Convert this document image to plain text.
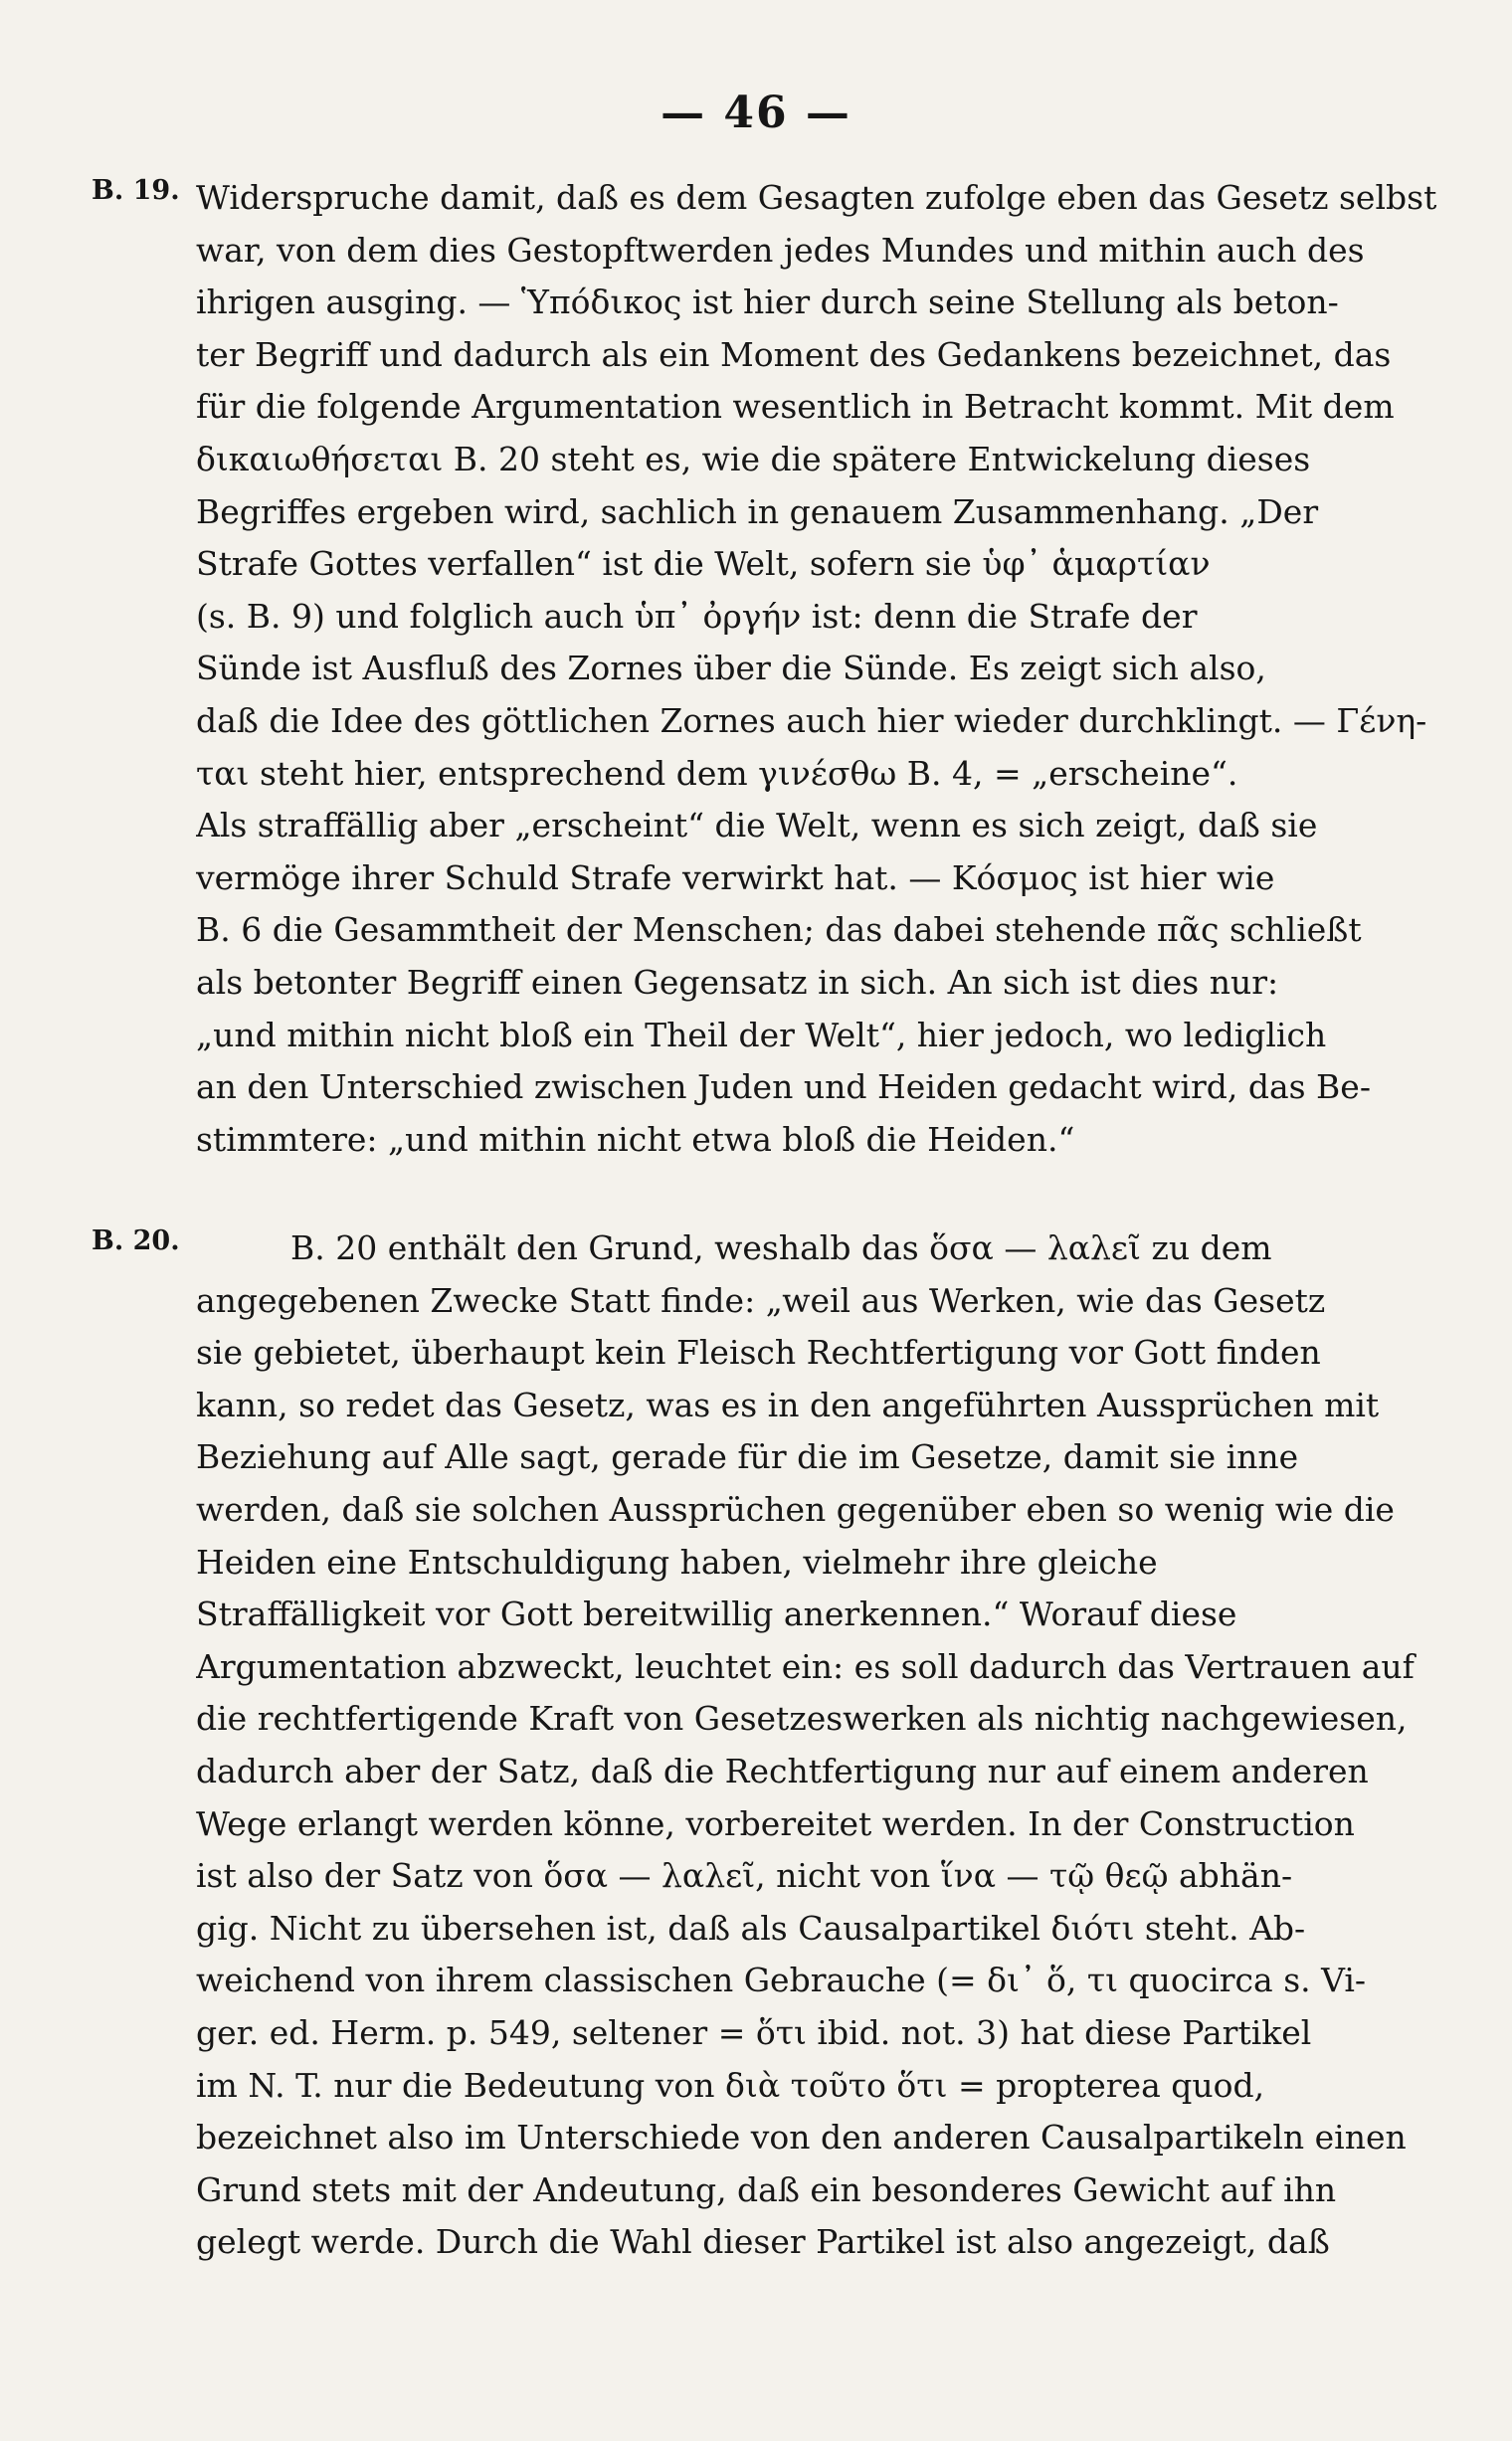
— 46 —
B. 19. Widerspruche damit, daß es dem Gesagten zufolge eben das Gesetz selbst
war, von dem dies Gestopftwerden jedes Mundes und mithin auch des
ihrigen ausging. — Ὑπόδικος ist hier durch seine Stellung als beton-
ter Begriff und dadurch als ein Moment des Gedankens bezeichnet, das
für die folgende Argumentation wesentlich in Betracht kommt. Mit dem
δικαιωθήσεται B. 20 steht es, wie die spätere Entwickelung dieses
Begriffes ergeben wird, sachlich in genauem Zusammenhang. „Der
Strafe Gottes verfallen“ ist die Welt, sofern sie ὑφ᾽ ἁμαρτίαν
(s. B. 9) und folglich auch ὑπ᾽ ὀργήν ist: denn die Strafe der
Sünde ist Ausfluß des Zornes über die Sünde. Es zeigt sich also,
daß die Idee des göttlichen Zornes auch hier wieder durchklingt. — Γένη-
ται steht hier, entsprechend dem γινέσθω B. 4, = „erscheine“.
Als straffällig aber „erscheint“ die Welt, wenn es sich zeigt, daß sie
vermöge ihrer Schuld Strafe verwirkt hat. — Κόσμος ist hier wie
B. 6 die Gesammtheit der Menschen; das dabei stehende πᾶς schließt
als betonter Begriff einen Gegensatz in sich. An sich ist dies nur:
„und mithin nicht bloß ein Theil der Welt“, hier jedoch, wo lediglich
an den Unterschied zwischen Juden und Heiden gedacht wird, das Be-
stimmtere: „und mithin nicht etwa bloß die Heiden.“
B. 20.	B. 20 enthält den Grund, weshalb das ὅσα — λαλεῖ zu dem
angegebenen Zwecke Statt finde: „weil aus Werken, wie das Gesetz
sie gebietet, überhaupt kein Fleisch Rechtfertigung vor Gott finden
kann, so redet das Gesetz, was es in den angeführten Aussprüchen mit
Beziehung auf Alle sagt, gerade für die im Gesetze, damit sie inne
werden, daß sie solchen Aussprüchen gegenüber eben so wenig wie die
Heiden eine Entschuldigung haben, vielmehr ihre gleiche
Straffälligkeit vor Gott bereitwillig anerkennen.“ Worauf diese
Argumentation abzweckt, leuchtet ein: es soll dadurch das Vertrauen auf
die rechtfertigende Kraft von Gesetzeswerken als nichtig nachgewiesen,
dadurch aber der Satz, daß die Rechtfertigung nur auf einem anderen
Wege erlangt werden könne, vorbereitet werden. In der Construction
ist also der Satz von ὅσα — λαλεῖ, nicht von ἵνα — τῷ θεῷ abhän-
gig. Nicht zu übersehen ist, daß als Causalpartikel διότι steht. Ab-
weichend von ihrem classischen Gebrauche (= δι᾽ ὅ, τι quocirca s. Vi-
ger. ed. Herm. p. 549, seltener = ὅτι ibid. not. 3) hat diese Partikel
im N. T. nur die Bedeutung von διὰ τοῦτο ὅτι = propterea quod,
bezeichnet also im Unterschiede von den anderen Causalpartikeln einen
Grund stets mit der Andeutung, daß ein besonderes Gewicht auf ihn
gelegt werde. Durch die Wahl dieser Partikel ist also angezeigt, daß
